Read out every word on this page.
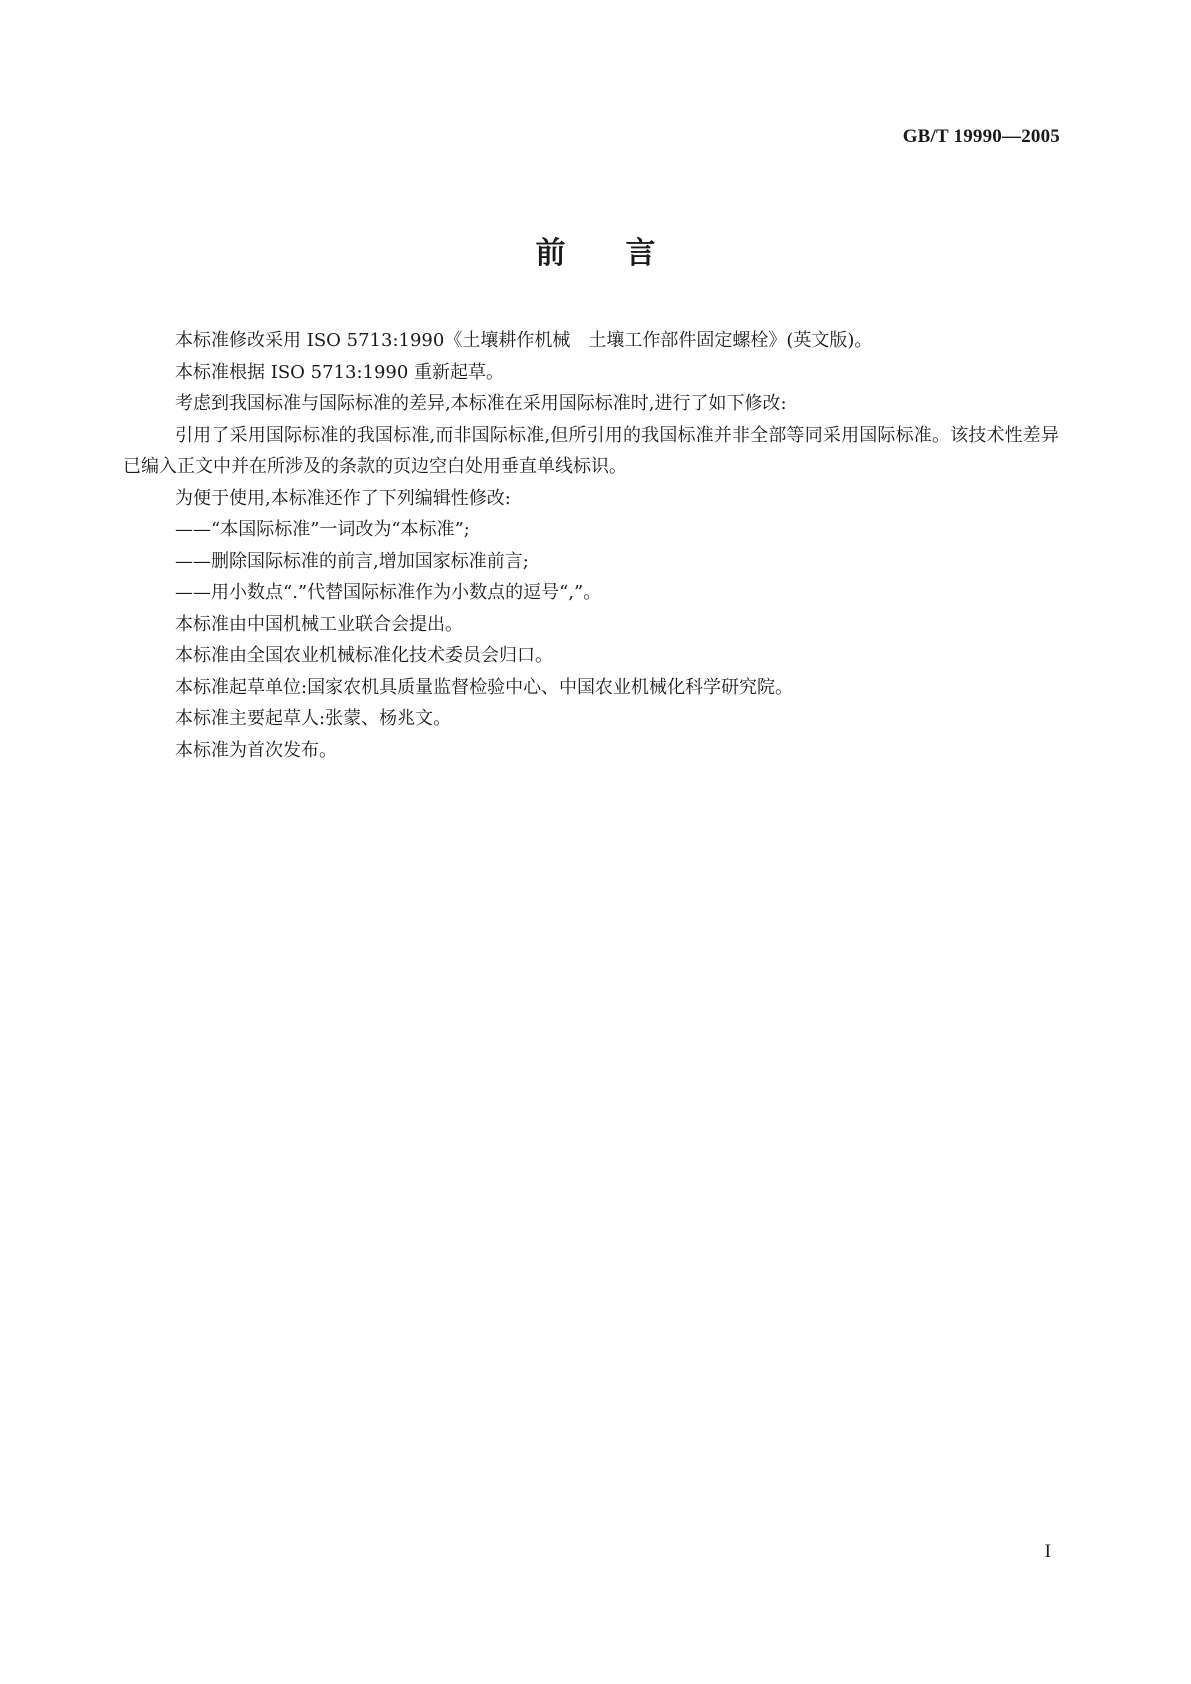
GB/T 19990—2005
前言

本标准修改采用 ISO 5713:1990《土壤耕作机械　土壤工作部件固定螺栓》(英文版)。

本标准根据 ISO 5713:1990 重新起草。

考虑到我国标准与国际标准的差异,本标准在采用国际标准时,进行了如下修改:

引用了采用国际标准的我国标准,而非国际标准,但所引用的我国标准并非全部等同采用国际标准。该技术性差异已编入正文中并在所涉及的条款的页边空白处用垂直单线标识。

为便于使用,本标准还作了下列编辑性修改:

——“本国际标准”一词改为“本标准”;

——删除国际标准的前言,增加国家标准前言;

——用小数点“.”代替国际标准作为小数点的逗号“,”。

本标准由中国机械工业联合会提出。

本标准由全国农业机械标准化技术委员会归口。

本标准起草单位:国家农机具质量监督检验中心、中国农业机械化科学研究院。

本标准主要起草人:张蒙、杨兆文。

本标准为首次发布。

I
